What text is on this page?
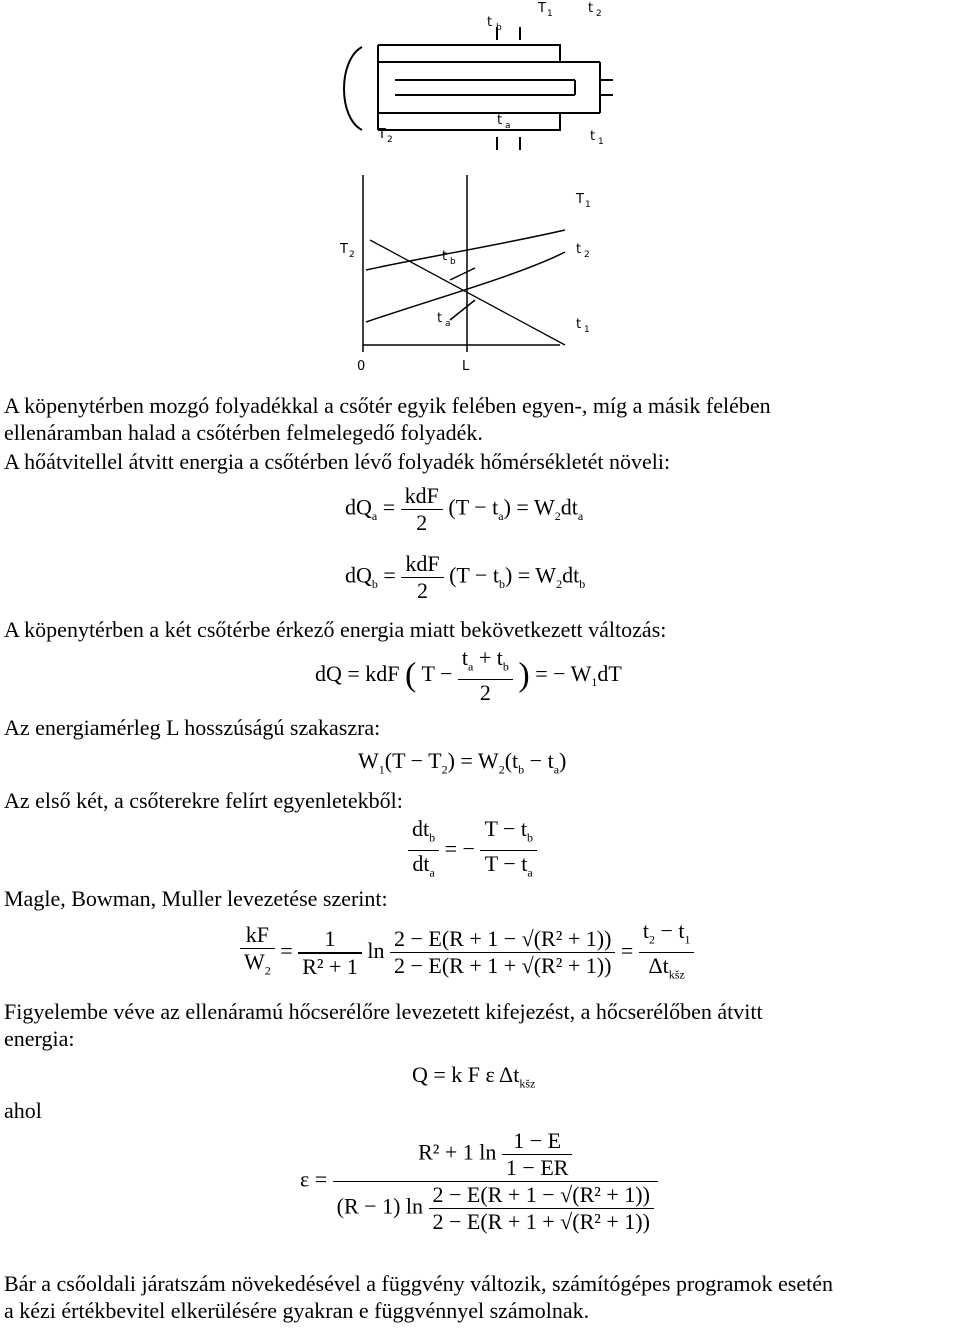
t b
T 1	t 2
T 2
t a
t 1
T 1
T 2	t 2
t b
t a	t 1
0	L
A köpenytérben mozgó folyadékkal a csőtér egyik felében egyen-, míg a másik felében
ellenáramban halad a csőtérben felmelegedő folyadék.
A hőátvitellel átvitt energia a csőtérben lévő folyadék hőmérsékletét növeli:
$dQ_a = \frac{\text{kdF}}{2} (T - t_a) = W_2dt_a$
$dQ_b = \frac{\text{kdF}}{2} (T - t_b) = W_2dt_b$
A köpenytérben a két csőtérbe érkező energia miatt bekövetkezett változás:
dQ = kdF ( $T - \frac{t_a + t_b}{2}$ ) = − $W_1dT$
Az energiamérleg L hosszúságú szakaszra:
$W_1(T - T_2) = W_2(t_b - t_a)$
Az első két, a csőterekre felírt egyenletekből:
$\frac{dt_b}{dt_a}$ = − $\frac{T - t_b}{T - t_a}$
Magle, Bowman, Muller levezetése szerint:
$\frac{kF}{W_2} = \frac{1}{\text{R² + 1}}$ $\ln \frac{\text{2 − E(R + 1 − √(R² + 1))}}{\text{2 − E(R + 1 + √(R² + 1))}} = \frac{t_2 - t_1}{\Delta t_{kšz}}$
Figyelembe véve az ellenáramú hőcserélőre levezetett kifejezést, a hőcserélőben átvitt
energia:
Q = k F ε $\Delta t_{kšz}$
ahol
ε =
R² + 1 $\ln \frac{1 - E}{1 - ER}$
(R − 1) $\ln \frac{\text{2 − E(R + 1 − √(R² + 1))}}{\text{2 − E(R + 1 + √(R² + 1))}}$
Bár a csőoldali járatszám növekedésével a függvény változik, számítógépes programok esetén
a kézi értékbevitel elkerülésére gyakran e függvénnyel számolnak.
